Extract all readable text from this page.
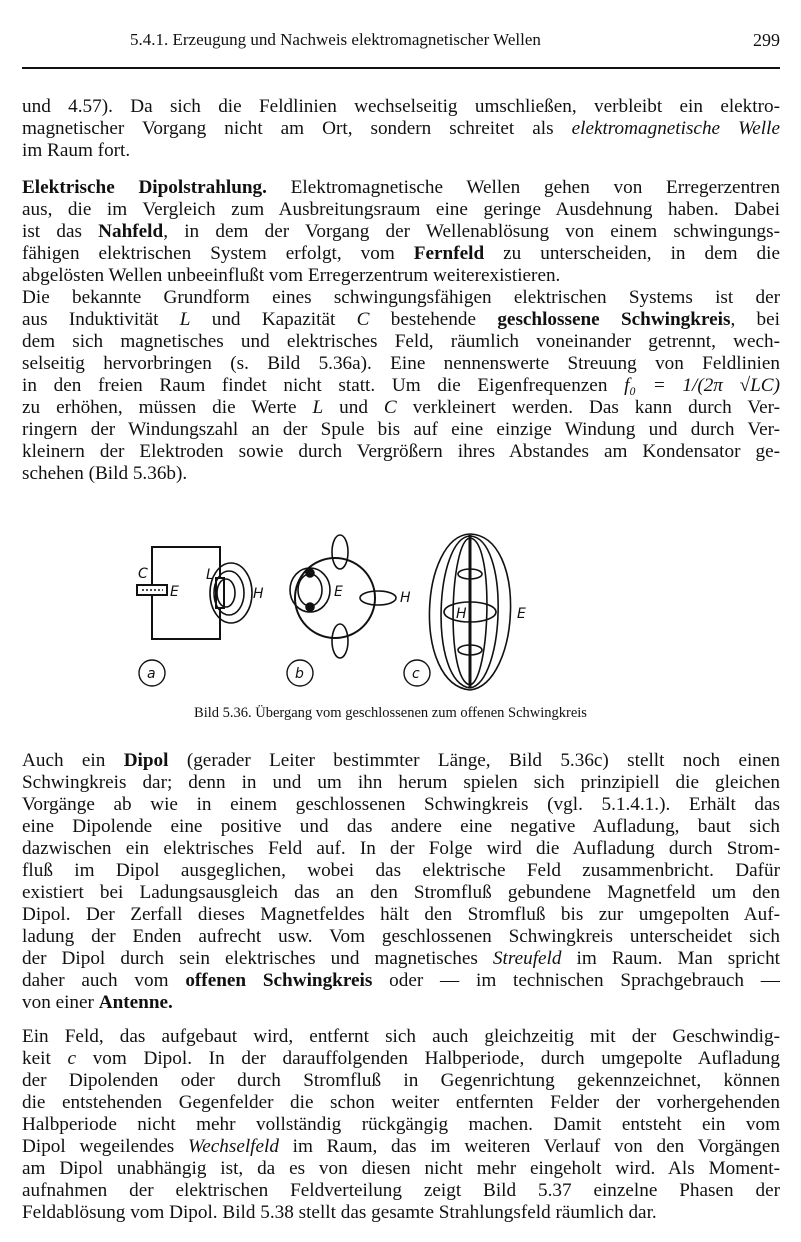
5.4.1. Erzeugung und Nachweis elektromagnetischer Wellen	299
und 4.57). Da sich die Feldlinien wechselseitig umschließen, verbleibt ein elektro-
magnetischer Vorgang nicht am Ort, sondern schreitet als elektromagnetische Welle
im Raum fort.
Elektrische Dipolstrahlung. Elektromagnetische Wellen gehen von Erregerzentren
aus, die im Vergleich zum Ausbreitungsraum eine geringe Ausdehnung haben. Dabei
ist das Nahfeld, in dem der Vorgang der Wellenablösung von einem schwingungs-
fähigen elektrischen System erfolgt, vom Fernfeld zu unterscheiden, in dem die
abgelösten Wellen unbeeinflußt vom Erregerzentrum weiterexistieren.
Die bekannte Grundform eines schwingungsfähigen elektrischen Systems ist der
aus Induktivität L und Kapazität C bestehende geschlossene Schwingkreis, bei
dem sich magnetisches und elektrisches Feld, räumlich voneinander getrennt, wech-
selseitig hervorbringen (s. Bild 5.36a). Eine nennenswerte Streuung von Feldlinien
in den freien Raum findet nicht statt. Um die Eigenfrequenzen f₀ = 1/(2π √LC)
zu erhöhen, müssen die Werte L und C verkleinert werden. Das kann durch Ver-
ringern der Windungszahl an der Spule bis auf eine einzige Windung und durch Ver-
kleinern der Elektroden sowie durch Vergrößern ihres Abstandes am Kondensator ge-
schehen (Bild 5.36b).
C
E
L
H
a
E	H
b
H	E
c
Bild 5.36. Übergang vom geschlossenen zum offenen Schwingkreis
Auch ein Dipol (gerader Leiter bestimmter Länge, Bild 5.36c) stellt noch einen
Schwingkreis dar; denn in und um ihn herum spielen sich prinzipiell die gleichen
Vorgänge ab wie in einem geschlossenen Schwingkreis (vgl. 5.1.4.1.). Erhält das
eine Dipolende eine positive und das andere eine negative Aufladung, baut sich
dazwischen ein elektrisches Feld auf. In der Folge wird die Aufladung durch Strom-
fluß im Dipol ausgeglichen, wobei das elektrische Feld zusammenbricht. Dafür
existiert bei Ladungsausgleich das an den Stromfluß gebundene Magnetfeld um den
Dipol. Der Zerfall dieses Magnetfeldes hält den Stromfluß bis zur umgepolten Auf-
ladung der Enden aufrecht usw. Vom geschlossenen Schwingkreis unterscheidet sich
der Dipol durch sein elektrisches und magnetisches Streufeld im Raum. Man spricht
daher auch vom offenen Schwingkreis oder — im technischen Sprachgebrauch —
von einer Antenne.
Ein Feld, das aufgebaut wird, entfernt sich auch gleichzeitig mit der Geschwindig-
keit c vom Dipol. In der darauffolgenden Halbperiode, durch umgepolte Aufladung
der Dipolenden oder durch Stromfluß in Gegenrichtung gekennzeichnet, können
die entstehenden Gegenfelder die schon weiter entfernten Felder der vorhergehenden
Halbperiode nicht mehr vollständig rückgängig machen. Damit entsteht ein vom
Dipol wegeilendes Wechselfeld im Raum, das im weiteren Verlauf von den Vorgängen
am Dipol unabhängig ist, da es von diesen nicht mehr eingeholt wird. Als Moment-
aufnahmen der elektrischen Feldverteilung zeigt Bild 5.37 einzelne Phasen der
Feldablösung vom Dipol. Bild 5.38 stellt das gesamte Strahlungsfeld räumlich dar.
